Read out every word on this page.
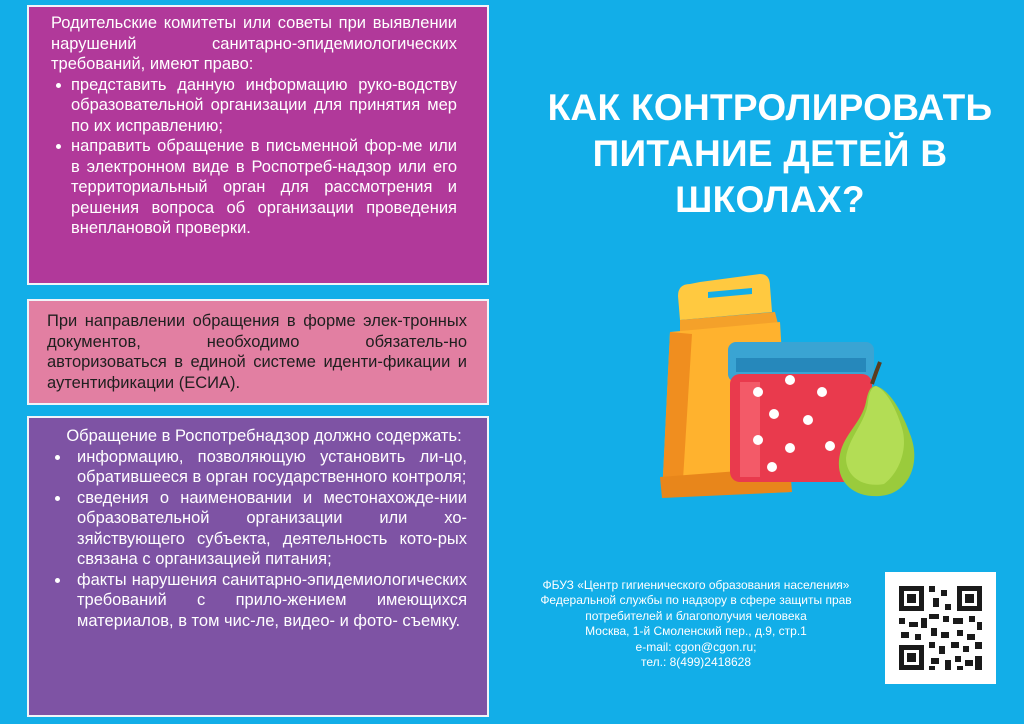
Родительские комитеты или советы при выявлении нарушений санитарно-эпидемиологических требований, имеют право:

представить данную информацию руко-водству образовательной организации для принятия мер по их исправлению;
направить обращение в письменной фор-ме или в электронном виде в Роспотреб-надзор или его территориальный орган для рассмотрения и решения вопроса об организации проведения внеплановой проверки.

При направлении обращения в форме элек-тронных документов, необходимо обязатель-но авторизоваться в единой системе иденти-фикации и аутентификации (ЕСИА).

Обращение в Роспотребнадзор должно содержать:

информацию, позволяющую установить ли-цо, обратившееся в орган государственного контроля;
сведения о наименовании и местонахожде-нии образовательной организации или хо-зяйствующего субъекта, деятельность кото-рых связана с организацией питания;
факты нарушения санитарно-эпидемиологических требований с прило-жением имеющихся материалов, в том чис-ле, видео- и фото- съемку.
КАК КОНТРОЛИРОВАТЬ
ПИТАНИЕ ДЕТЕЙ В
ШКОЛАХ?
ФБУЗ «Центр гигиенического образования населения»
Федеральной службы по надзору в сфере защиты прав
потребителей и благополучия человека
Москва, 1-й Смоленский пер., д.9, стр.1
e-mail: cgon@cgon.ru;
тел.: 8(499)2418628
